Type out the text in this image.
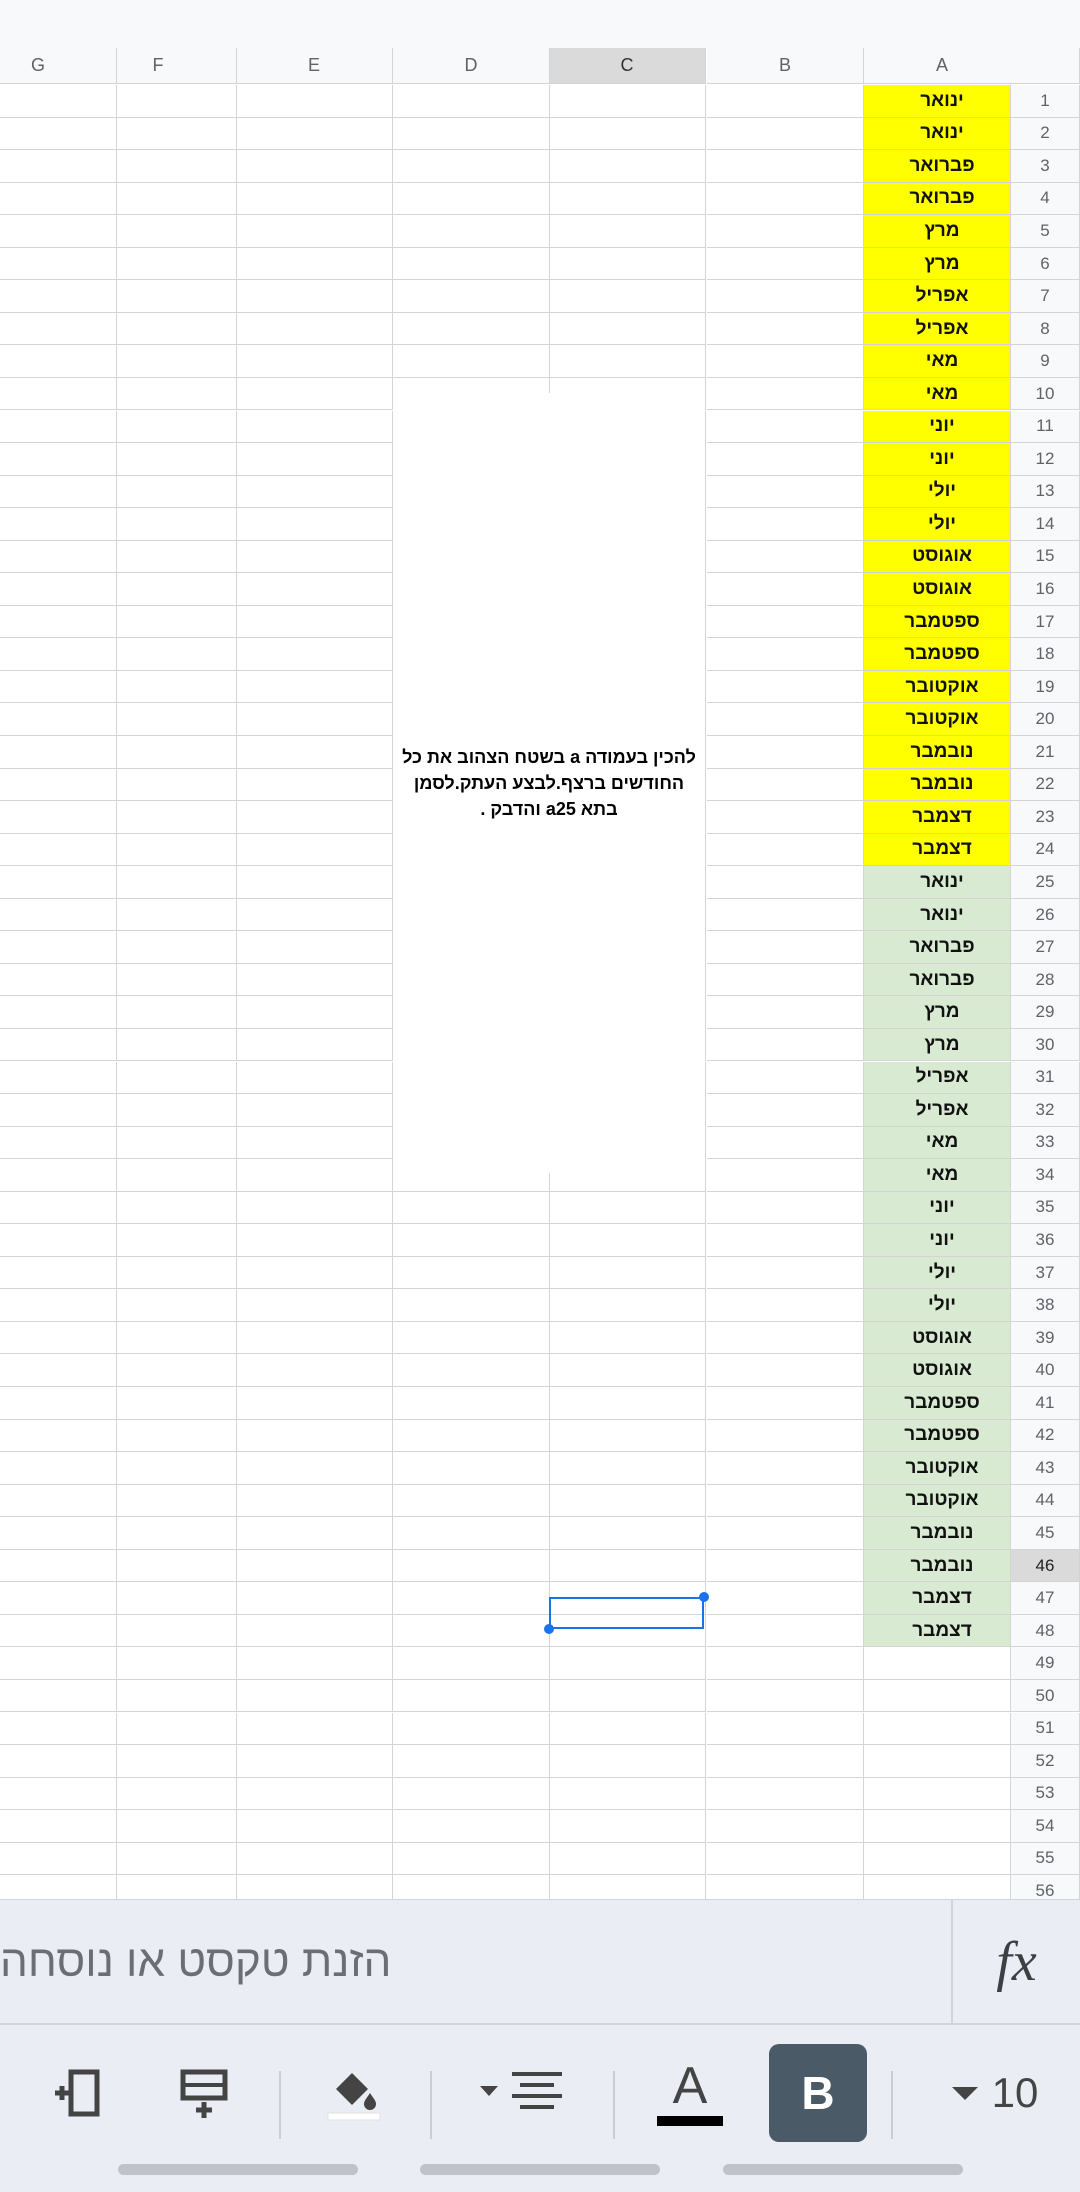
דצמבר
דצמבר
נובמבר
נובמבר
אוקטובר
אוקטובר
ספטמבר
ספטמבר
אוגוסט
אוגוסט
יולי
יולי
יוני
יוני
מאי
מאי
אפריל
אפריל
מרץ
מרץ
פברואר
פברואר
ינואר
ינואר
דצמבר
דצמבר
נובמבר
נובמבר
אוקטובר
אוקטובר
ספטמבר
ספטמבר
אוגוסט
אוגוסט
יולי
יולי
יוני
יוני
מאי
מאי
אפריל
אפריל
מרץ
מרץ
פברואר
פברואר
ינואר
ינואר
להכין בעמודה a בשטח הצהוב את כל החודשים ברצף.לבצע העתק.לסמן בתא a25 והדבק .
A
B
C
D
E
F
G
1
2
3
4
5
6
7
8
9
10
11
12
13
14
15
16
17
18
19
20
21
22
23
24
25
26
27
28
29
30
31
32
33
34
35
36
37
38
39
40
41
42
43
44
45
46
47
48
49
50
51
52
53
54
55
56
הזנת טקסט או נוסחה	fx
A	B	10
